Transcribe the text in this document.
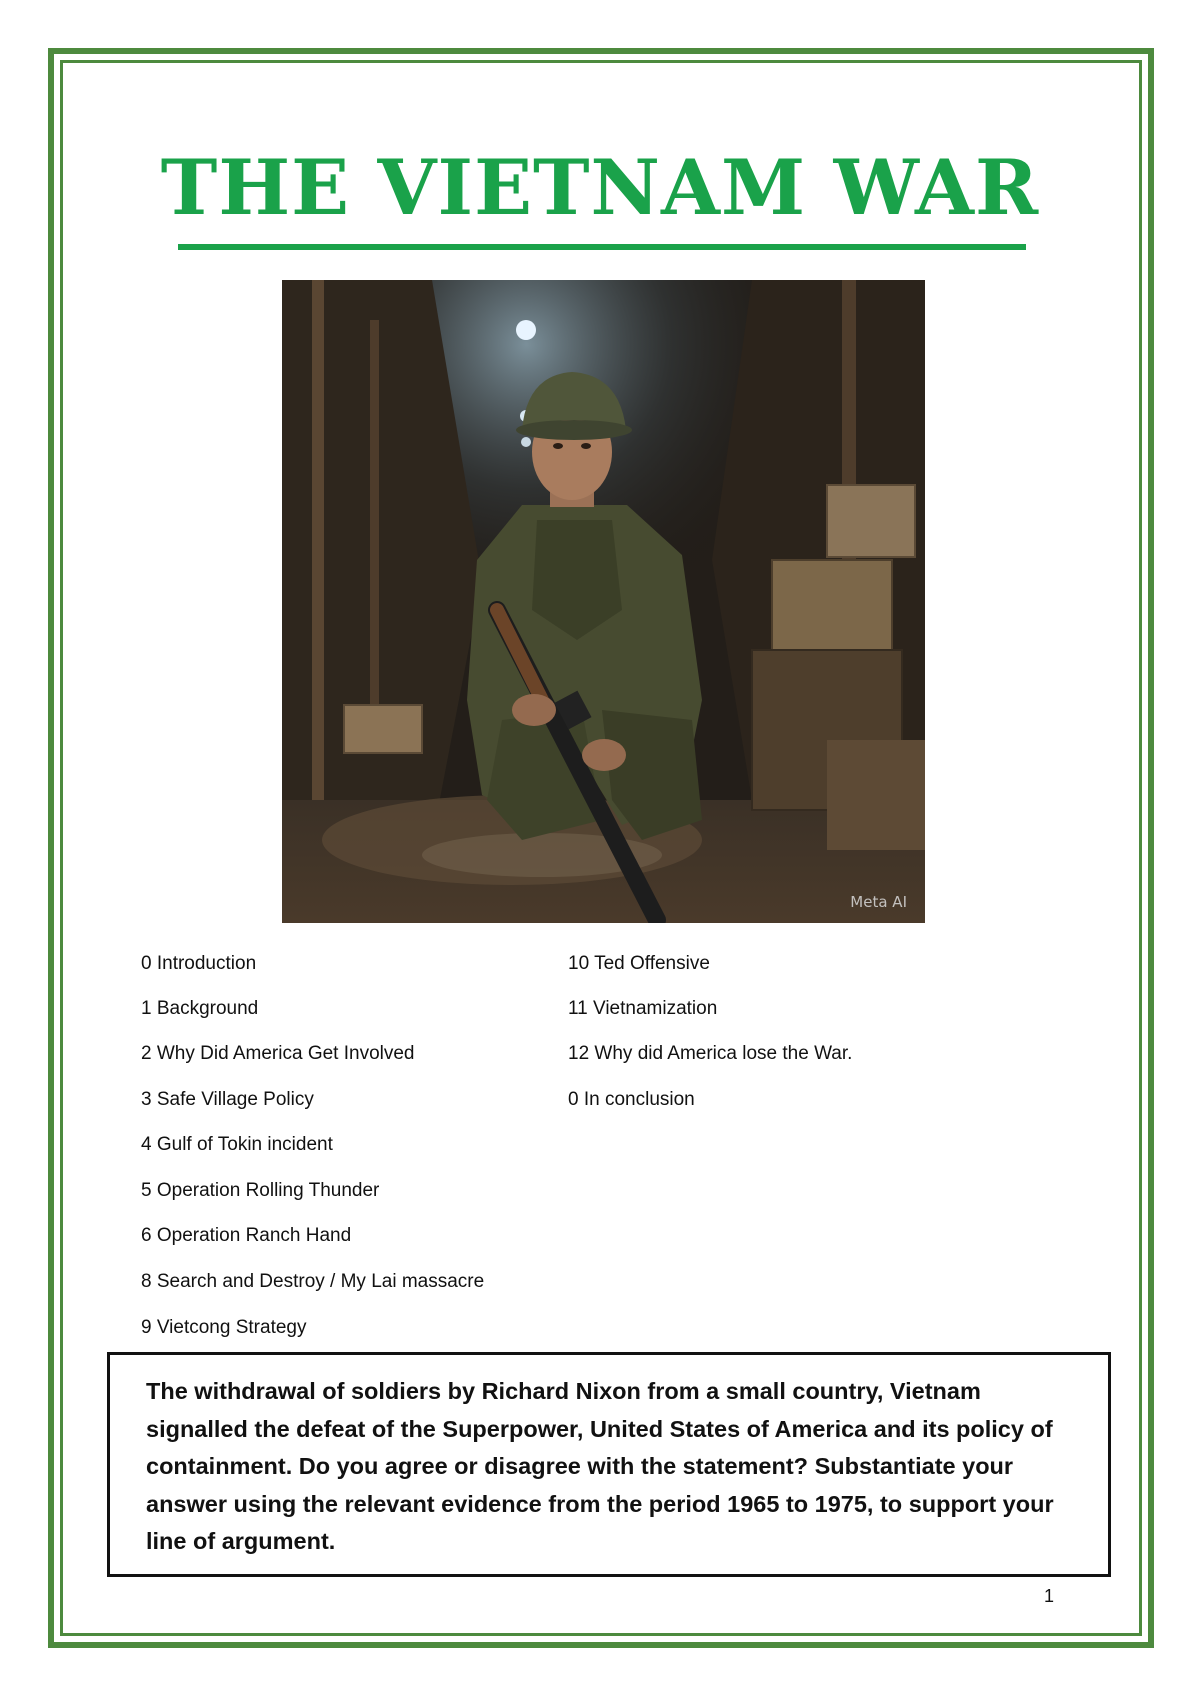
THE VIETNAM WAR
Meta AI
0 Introduction
1 Background
2 Why Did America Get Involved
3 Safe Village Policy
4 Gulf of Tokin incident
5 Operation Rolling Thunder
6 Operation Ranch Hand
8 Search and Destroy / My Lai massacre
9 Vietcong Strategy
10 Ted Offensive
11 Vietnamization
12 Why did America lose the War.
0 In conclusion
The withdrawal of soldiers by Richard Nixon from a small country, Vietnam signalled the defeat of the Superpower, United States of America and its policy of containment. Do you agree or disagree with the statement? Substantiate your answer using the relevant evidence from the period 1965 to 1975, to support your line of argument.
1
